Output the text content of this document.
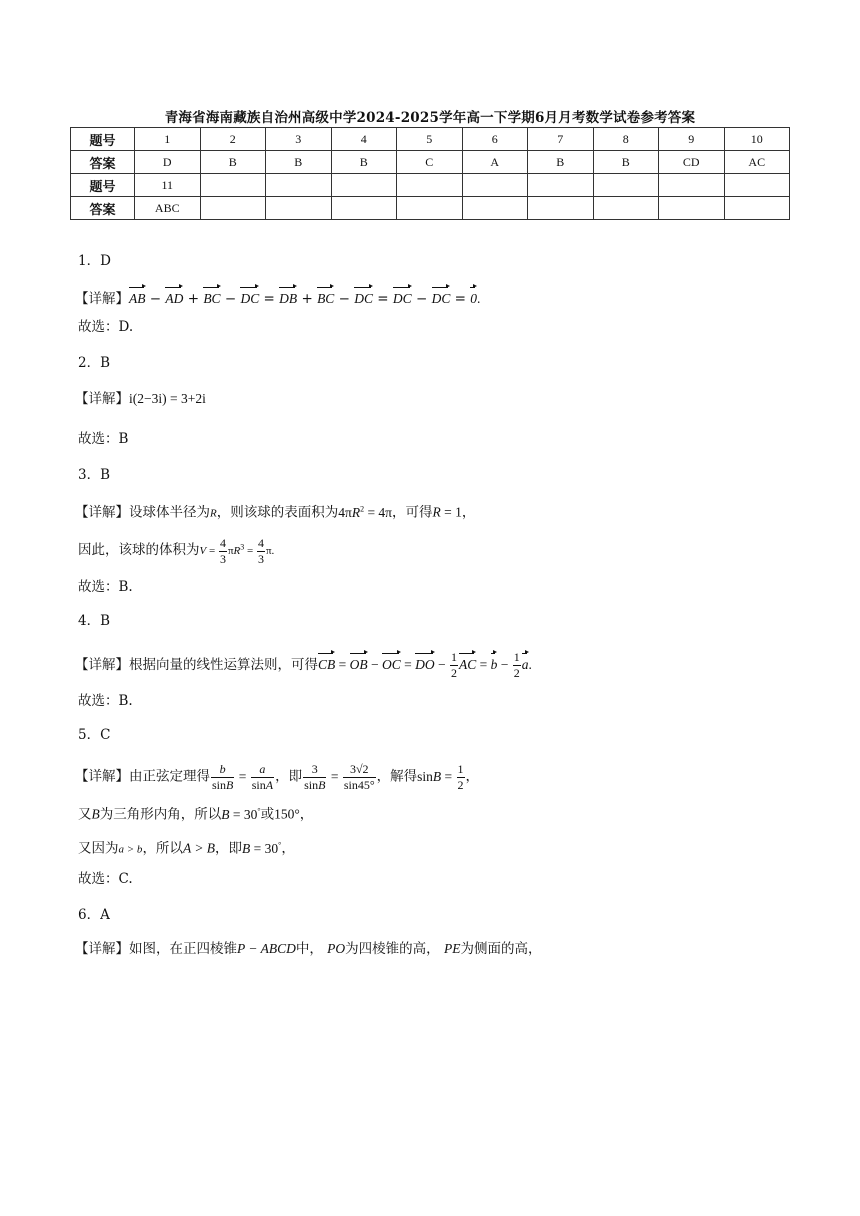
青海省海南藏族自治州高级中学2024-2025学年高一下学期6月月考数学试卷参考答案
题号	1	2	3	4	5	6	7	8	9	10
答案	D	B	B	B	C	A	B	B	CD	AC
题号	11									
答案	ABC									
1．D
【详解】AB − AD + BC − DC = DB + BC − DC = DC − DC = 0.
故选：D.
2．B
【详解】i(2−3i) = 3+2i
故选：B
3．B
【详解】设球体半径为R，则该球的表面积为$4\pi R^2 = 4\pi$，可得R = 1，
因此，该球的体积为$V = \frac{4}{3} \pi R^3 = \frac{4}{3} \pi$.
故选：B.
4．B
【详解】根据向量的线性运算法则，可得CB = OB − OC = DO − $\frac{1}{2}$ AC = $b - \frac{1}{2} a$.
故选：B.
5．C
【详解】由正弦定理得 $\frac{b}{\sin B} = \frac{a}{\sin A}$ ，即 $\frac{3}{\sin B} = \frac{3√2}{\sin 45^\circ}$ ，解得$\sin B = \frac{1}{2}$ ，
又B为三角形内角，所以B = 30°或150°，
又因为a > b，所以A > B，即B = 30°，
故选：C.
6．A
【详解】如图，在正四棱锥P − ABCD中， PO为四棱锥的高， PE为侧面的高，
